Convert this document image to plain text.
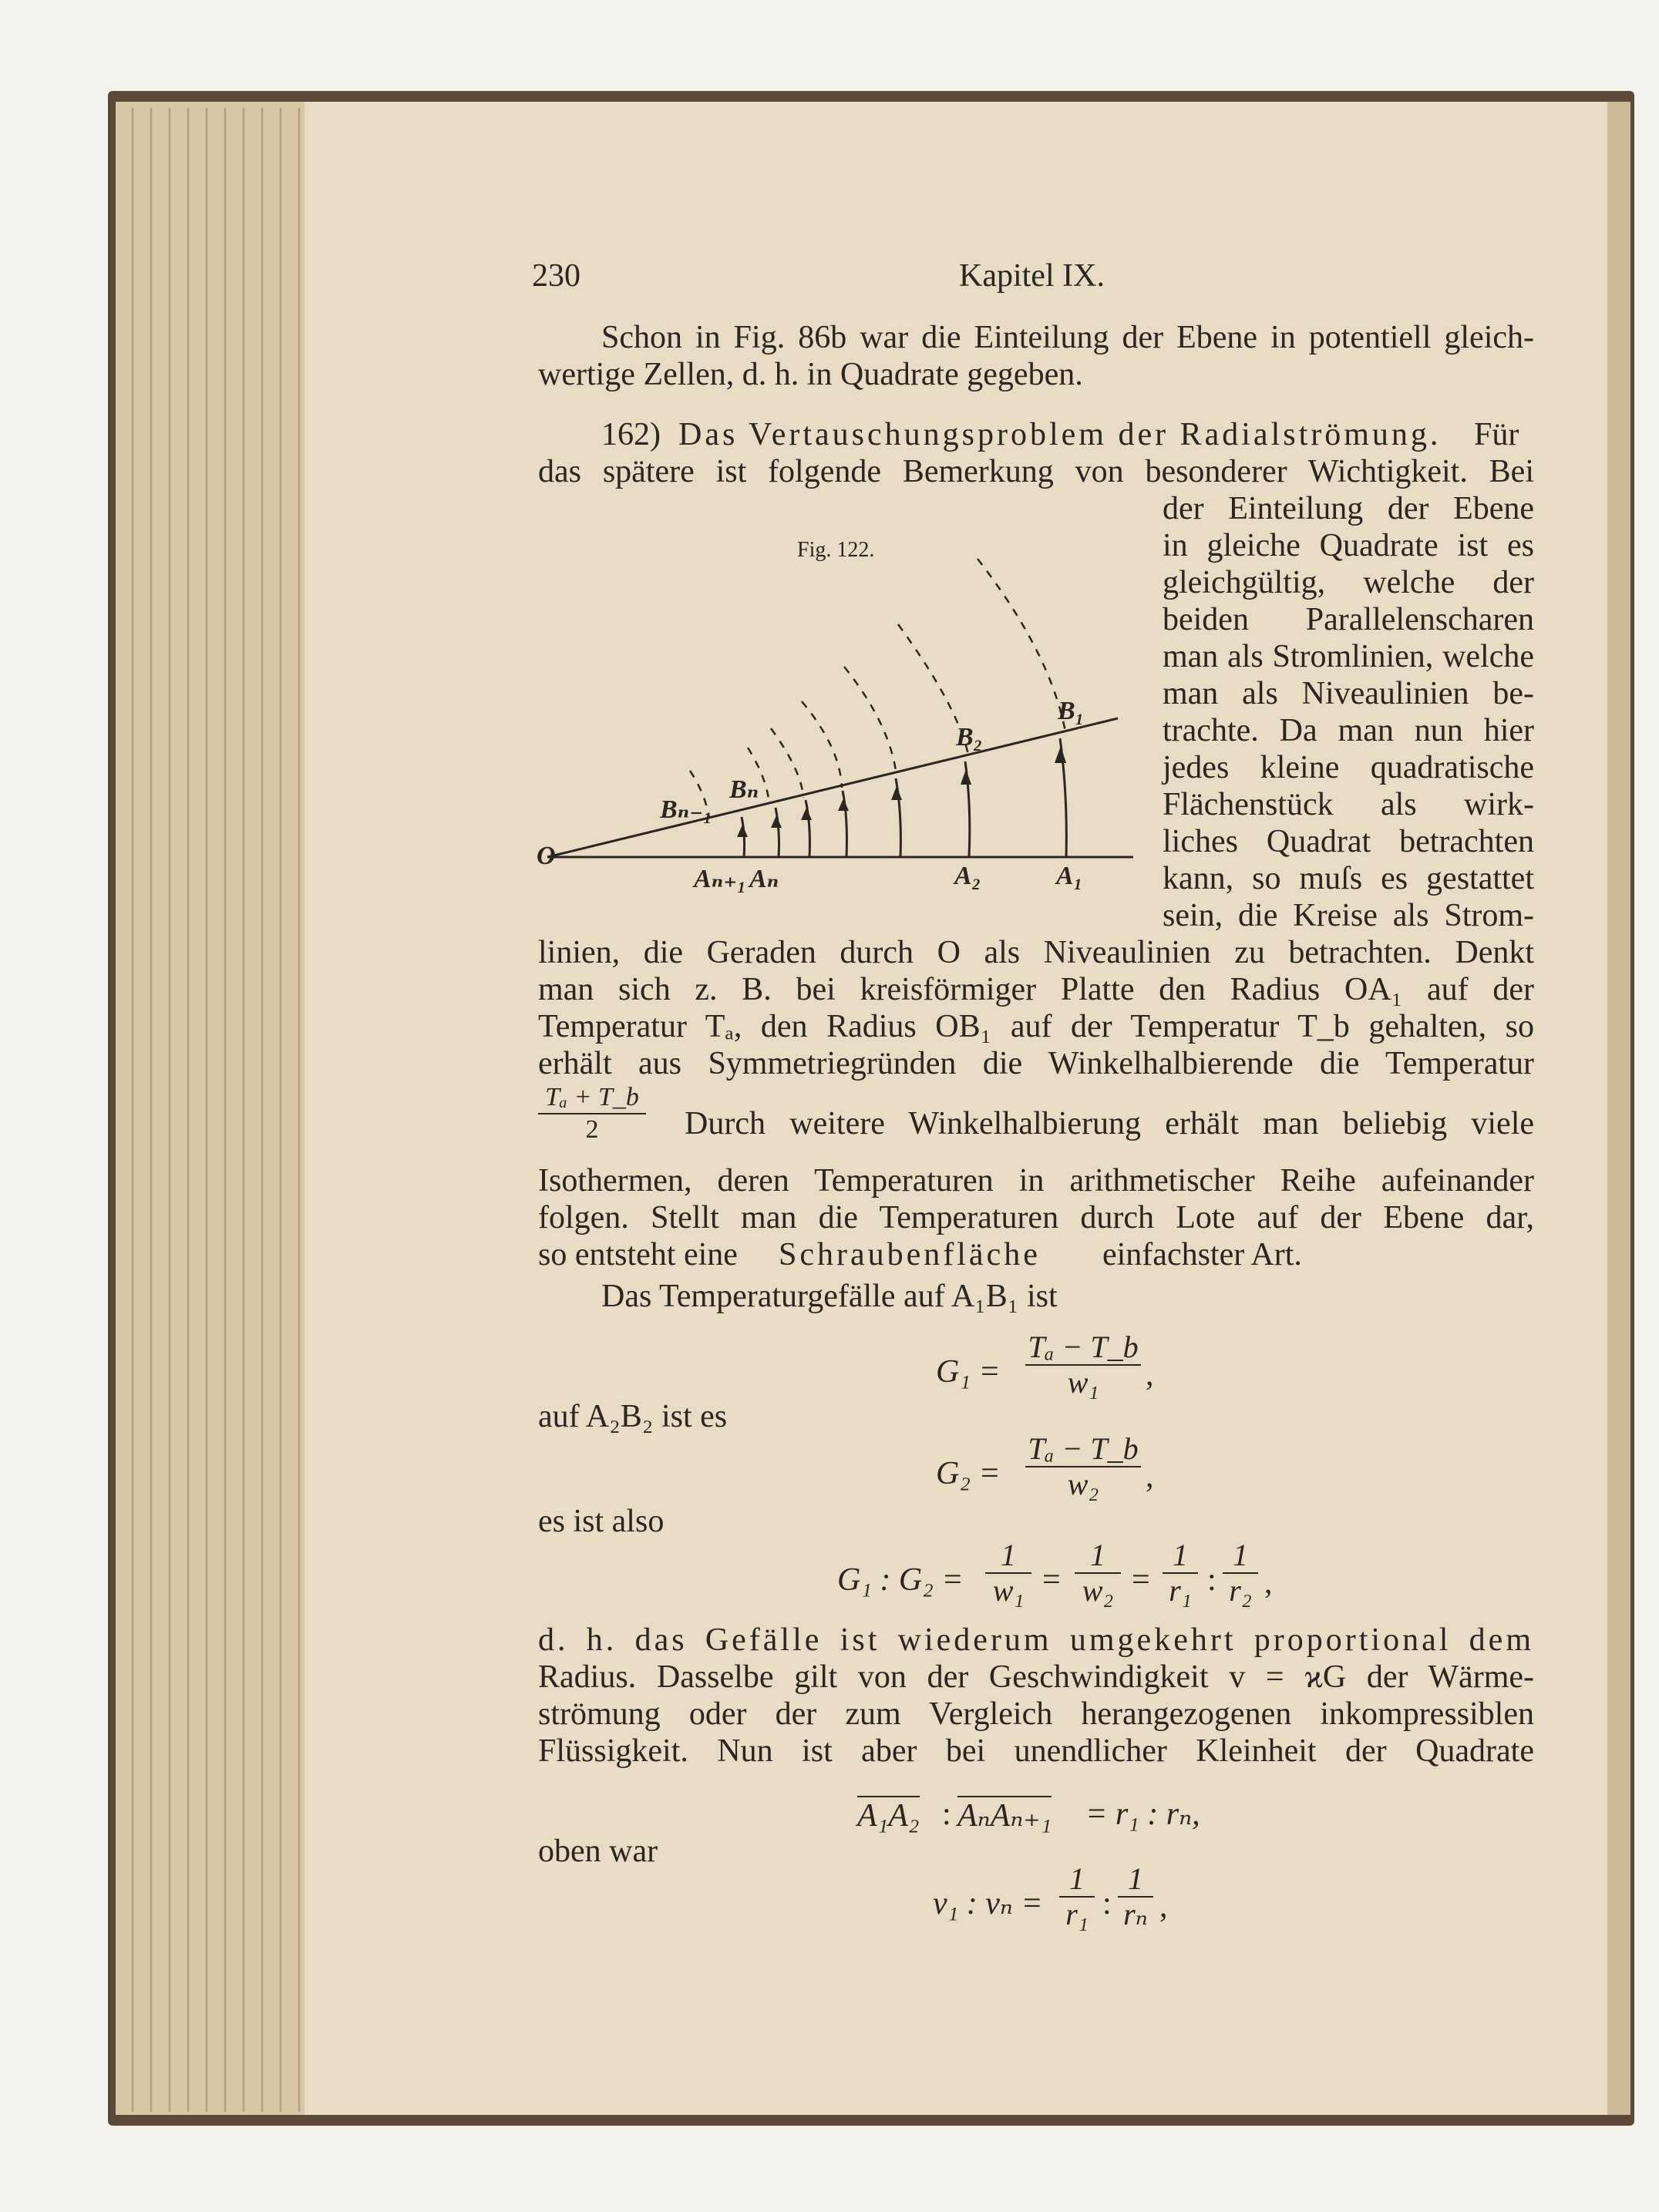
230	Kapitel IX.
Schon in Fig. 86b war die Einteilung der Ebene in potentiell gleich-
wertige Zellen, d. h. in Quadrate gegeben.
162) Das Vertauschungsproblem der Radialströmung. Für
das spätere ist folgende Bemerkung von besonderer Wichtigkeit. Bei
der Einteilung der Ebene
in gleiche Quadrate ist es
gleichgültig, welche der
beiden Parallelenscharen
man als Stromlinien, welche
man als Niveaulinien be-
trachte. Da man nun hier
jedes kleine quadratische
Flächenstück als wirk-
liches Quadrat betrachten
kann, so muſs es gestattet
sein, die Kreise als Strom-
Fig. 122.
O
B₁
B₂
Bₙ
Bₙ₋₁
Aₙ₊₁ Aₙ	A₂	A₁
linien, die Geraden durch O als Niveaulinien zu betrachten. Denkt
man sich z. B. bei kreisförmiger Platte den Radius OA₁ auf der
Temperatur Tₐ, den Radius OB₁ auf der Temperatur T_b gehalten, so
erhält aus Symmetriegründen die Winkelhalbierende die Temperatur
$\frac{\text{Tₐ + T\_b}}{2}$ Durch weitere Winkelhalbierung erhält man beliebig viele
Isothermen, deren Temperaturen in arithmetischer Reihe aufeinander
folgen. Stellt man die Temperaturen durch Lote auf der Ebene dar,
so entsteht eine Schraubenfläche einfachster Art.
Das Temperaturgefälle auf A₁B₁ ist
$G_1 = \frac{\text{Tₐ − T\_b}}{\text{w₁}}$ ,
auf A₂B₂ ist es
$G_2 = \frac{\text{Tₐ − T\_b}}{\text{w₂}}$ ,
es ist also
G₁ : $G_2 = \frac{1}{\text{w₁}} = \frac{1}{\text{w₂}} = \frac{1}{\text{r₁}}$ : $\frac{1}{\text{r₂}}$ ,
d. h. das Gefälle ist wiederum umgekehrt proportional dem
Radius. Dasselbe gilt von der Geschwindigkeit v = ϰG der Wärme-
strömung oder der zum Vergleich herangezogenen inkompressiblen
Flüssigkeit. Nun ist aber bei unendlicher Kleinheit der Quadrate
A₁A₂ : AₙAₙ₊₁ = r₁ : rₙ,
oben war
v₁ : $v_n = \frac{1}{\text{r₁}}$ : $\frac{1}{\text{rₙ}}$ ,
